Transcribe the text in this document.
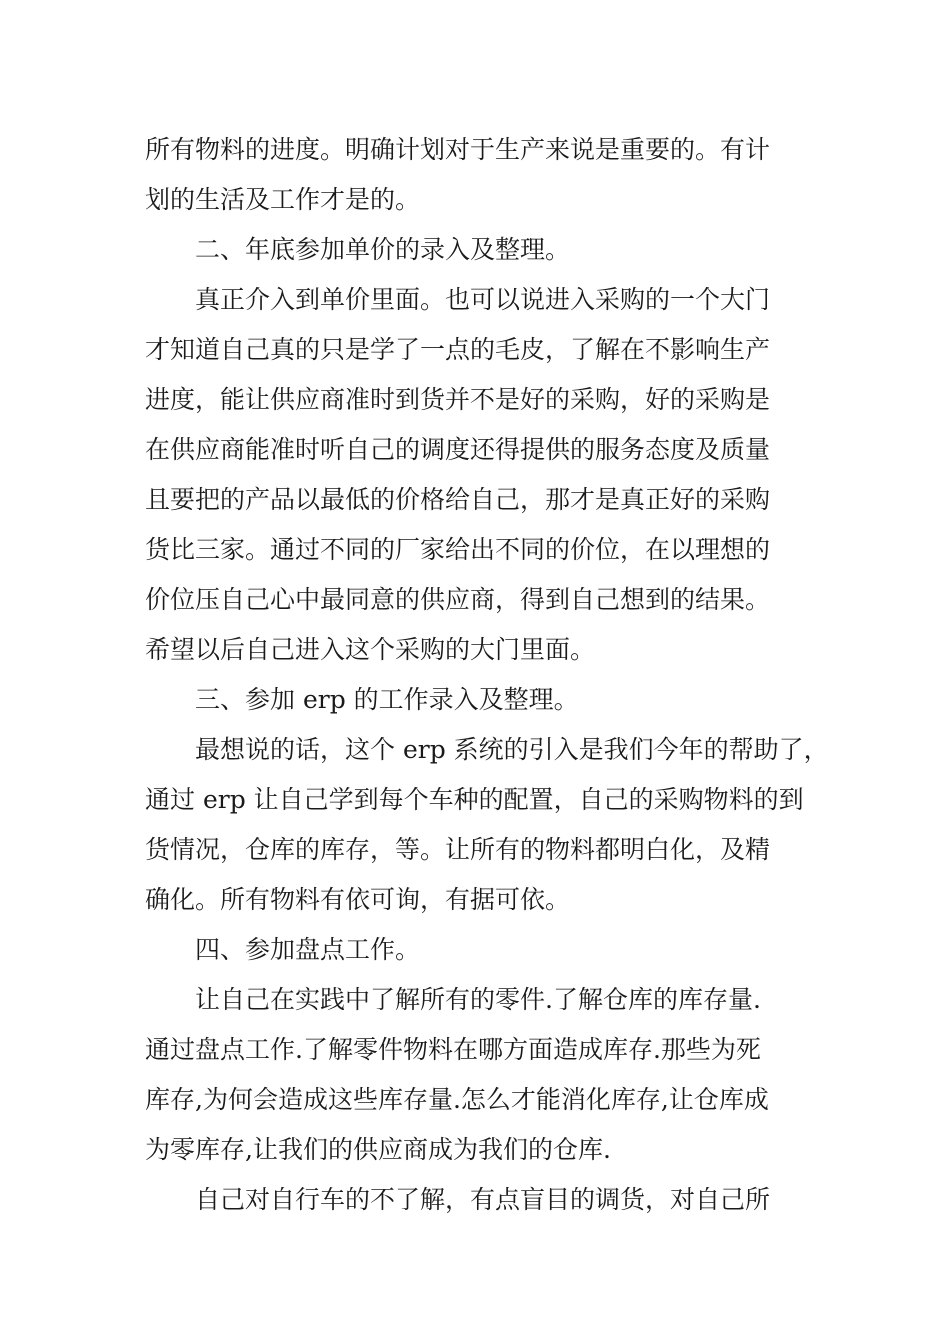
所有物料的进度。明确计划对于生产来说是重要的。有计

划的生活及工作才是的。

二、年底参加单价的录入及整理。

真正介入到单价里面。也可以说进入采购的一个大门

才知道自己真的只是学了一点的毛皮，了解在不影响生产

进度，能让供应商准时到货并不是好的采购，好的采购是

在供应商能准时听自己的调度还得提供的服务态度及质量

且要把的产品以最低的价格给自己，那才是真正好的采购

货比三家。通过不同的厂家给出不同的价位，在以理想的

价位压自己心中最同意的供应商，得到自己想到的结果。

希望以后自己进入这个采购的大门里面。

三、参加 erp 的工作录入及整理。

最想说的话，这个 erp 系统的引入是我们今年的帮助了，

通过 erp 让自己学到每个车种的配置，自己的采购物料的到

货情况，仓库的库存，等。让所有的物料都明白化，及精

确化。所有物料有依可询，有据可依。

四、参加盘点工作。

让自己在实践中了解所有的零件.了解仓库的库存量.

通过盘点工作.了解零件物料在哪方面造成库存.那些为死

库存,为何会造成这些库存量.怎么才能消化库存,让仓库成

为零库存,让我们的供应商成为我们的仓库.

自己对自行车的不了解，有点盲目的调货，对自己所
